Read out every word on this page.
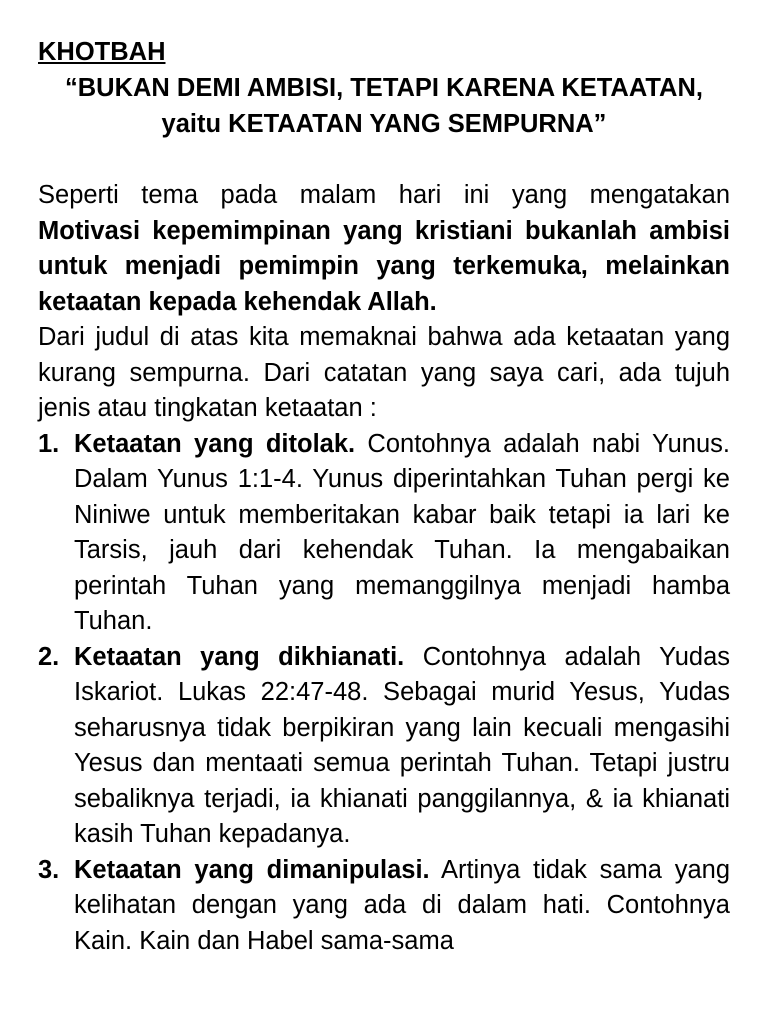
KHOTBAH

“BUKAN DEMI AMBISI, TETAPI KARENA KETAATAN,

yaitu KETAATAN YANG SEMPURNA”

Seperti tema pada malam hari ini yang mengatakan Motivasi kepemimpinan yang kristiani bukanlah ambisi untuk menjadi pemimpin yang terkemuka, melainkan ketaatan kepada kehendak Allah.

Dari judul di atas kita memaknai bahwa ada ketaatan yang kurang sempurna. Dari catatan yang saya cari, ada tujuh jenis atau tingkatan ketaatan :

1. Ketaatan yang ditolak. Contohnya adalah nabi Yunus. Dalam Yunus 1:1-4. Yunus diperintahkan Tuhan pergi ke Niniwe untuk memberitakan kabar baik tetapi ia lari ke Tarsis, jauh dari kehendak Tuhan. Ia mengabaikan perintah Tuhan yang memanggilnya menjadi hamba Tuhan.
2. Ketaatan yang dikhianati. Contohnya adalah Yudas Iskariot. Lukas 22:47-48. Sebagai murid Yesus, Yudas seharusnya tidak berpikiran yang lain kecuali mengasihi Yesus dan mentaati semua perintah Tuhan. Tetapi justru sebaliknya terjadi, ia khianati panggilannya, & ia khianati kasih Tuhan kepadanya.
3. Ketaatan yang dimanipulasi. Artinya tidak sama yang kelihatan dengan yang ada di dalam hati. Contohnya Kain. Kain dan Habel sama-sama
